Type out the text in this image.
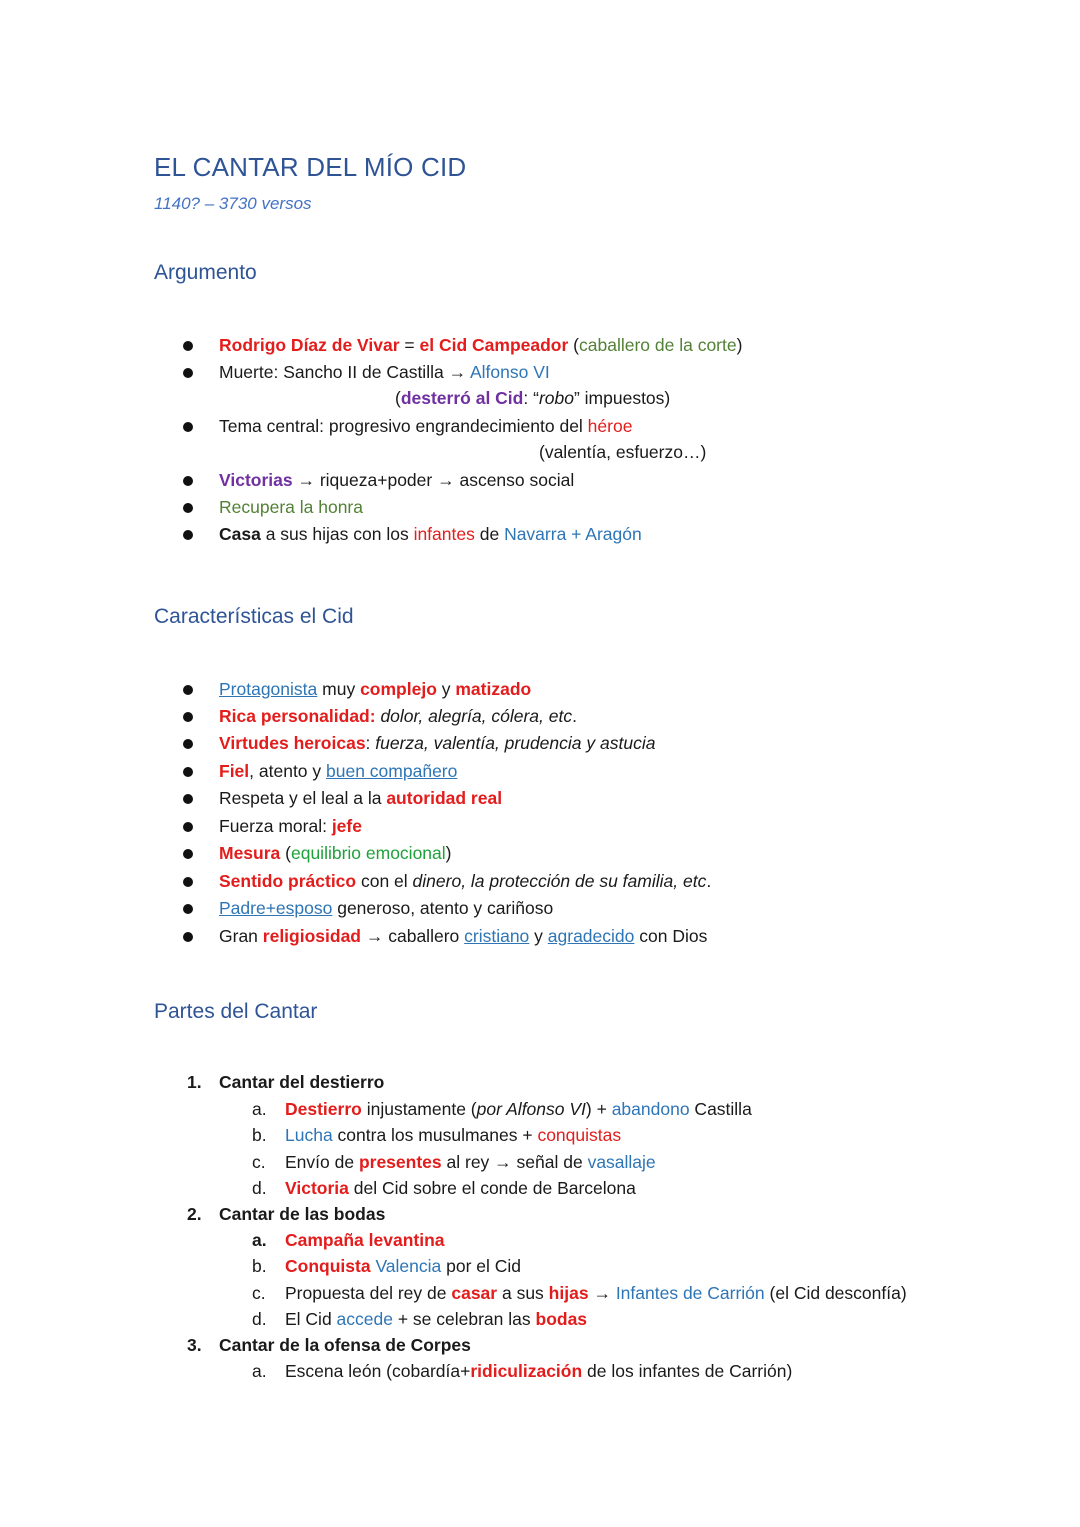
EL CANTAR DEL MÍO CID
1140? – 3730 versos
Argumento
Rodrigo Díaz de Vivar = el Cid Campeador (caballero de la corte)
Muerte: Sancho II de Castilla → Alfonso VI
(desterró al Cid: “robo” impuestos)
Tema central: progresivo engrandecimiento del héroe
(valentía, esfuerzo…)
Victorias → riqueza+poder → ascenso social
Recupera la honra
Casa a sus hijas con los infantes de Navarra + Aragón
Características el Cid
Protagonista muy complejo y matizado
Rica personalidad: dolor, alegría, cólera, etc.
Virtudes heroicas: fuerza, valentía, prudencia y astucia
Fiel, atento y buen compañero
Respeta y el leal a la autoridad real
Fuerza moral: jefe
Mesura (equilibrio emocional)
Sentido práctico con el dinero, la protección de su familia, etc.
Padre+esposo generoso, atento y cariñoso
Gran religiosidad → caballero cristiano y agradecido con Dios
Partes del Cantar
1. Cantar del destierro
a. Destierro injustamente (por Alfonso VI) + abandono Castilla
b. Lucha contra los musulmanes + conquistas
c. Envío de presentes al rey → señal de vasallaje
d. Victoria del Cid sobre el conde de Barcelona
2. Cantar de las bodas
a. Campaña levantina
b. Conquista Valencia por el Cid
c. Propuesta del rey de casar a sus hijas → Infantes de Carrión (el Cid desconfía)
d. El Cid accede + se celebran las bodas
3. Cantar de la ofensa de Corpes
a. Escena león (cobardía+ridiculización de los infantes de Carrión)
